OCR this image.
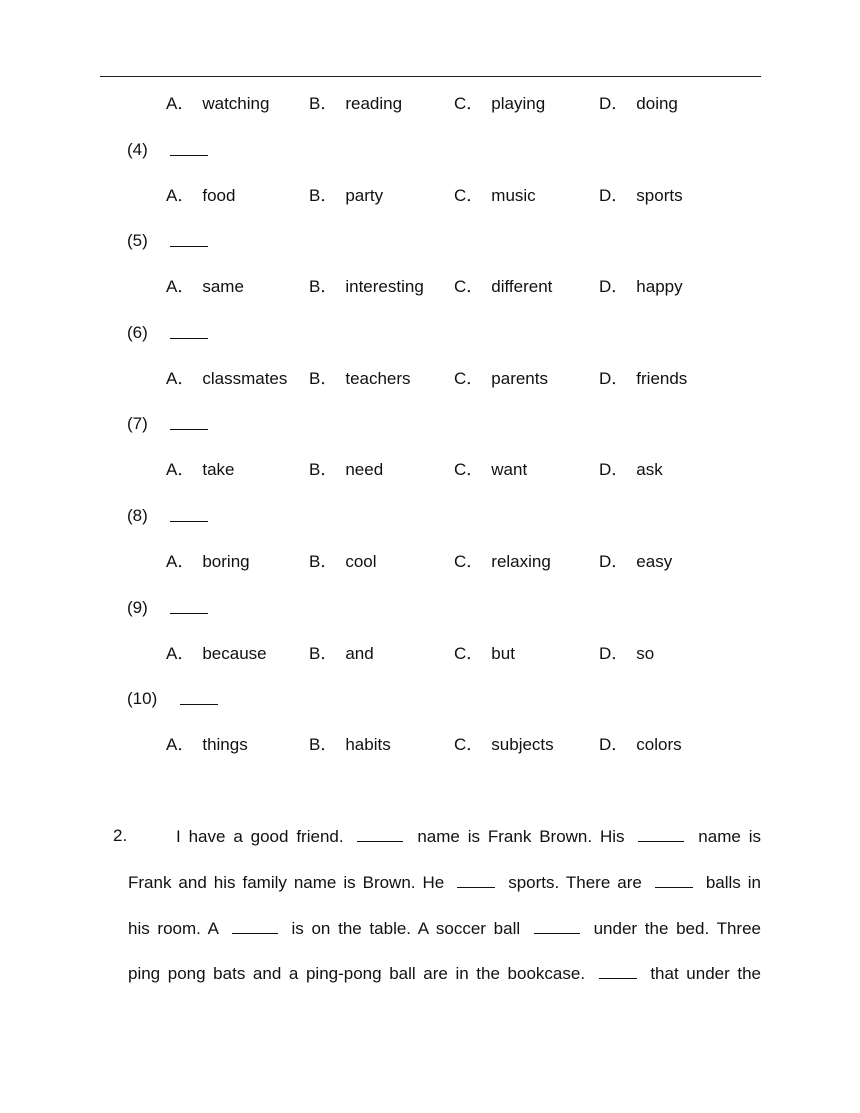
A． watching B． reading	C． playing	D． doing
(4)
A． food	B． party	C． music	D． sports
(5)
A． same	B． interesting C． different	D． happy
(6)
A． classmates B． teachers	C． parents	D． friends
(7)
A． take	B． need	C． want	D． ask
(8)
A． boring	B． cool	C． relaxing	D． easy
(9)
A． because B． and	C． but	D． so
(10)
A． things	B． habits	C． subjects	D． colors
2.	I have a good friend.	name is Frank Brown. His	name is
Frank and his family name is Brown. He	sports. There are	balls in
his room. A	is on the table. A soccer ball	under the bed. Three
ping pong bats and a ping-pong ball are in the bookcase.	that under the
